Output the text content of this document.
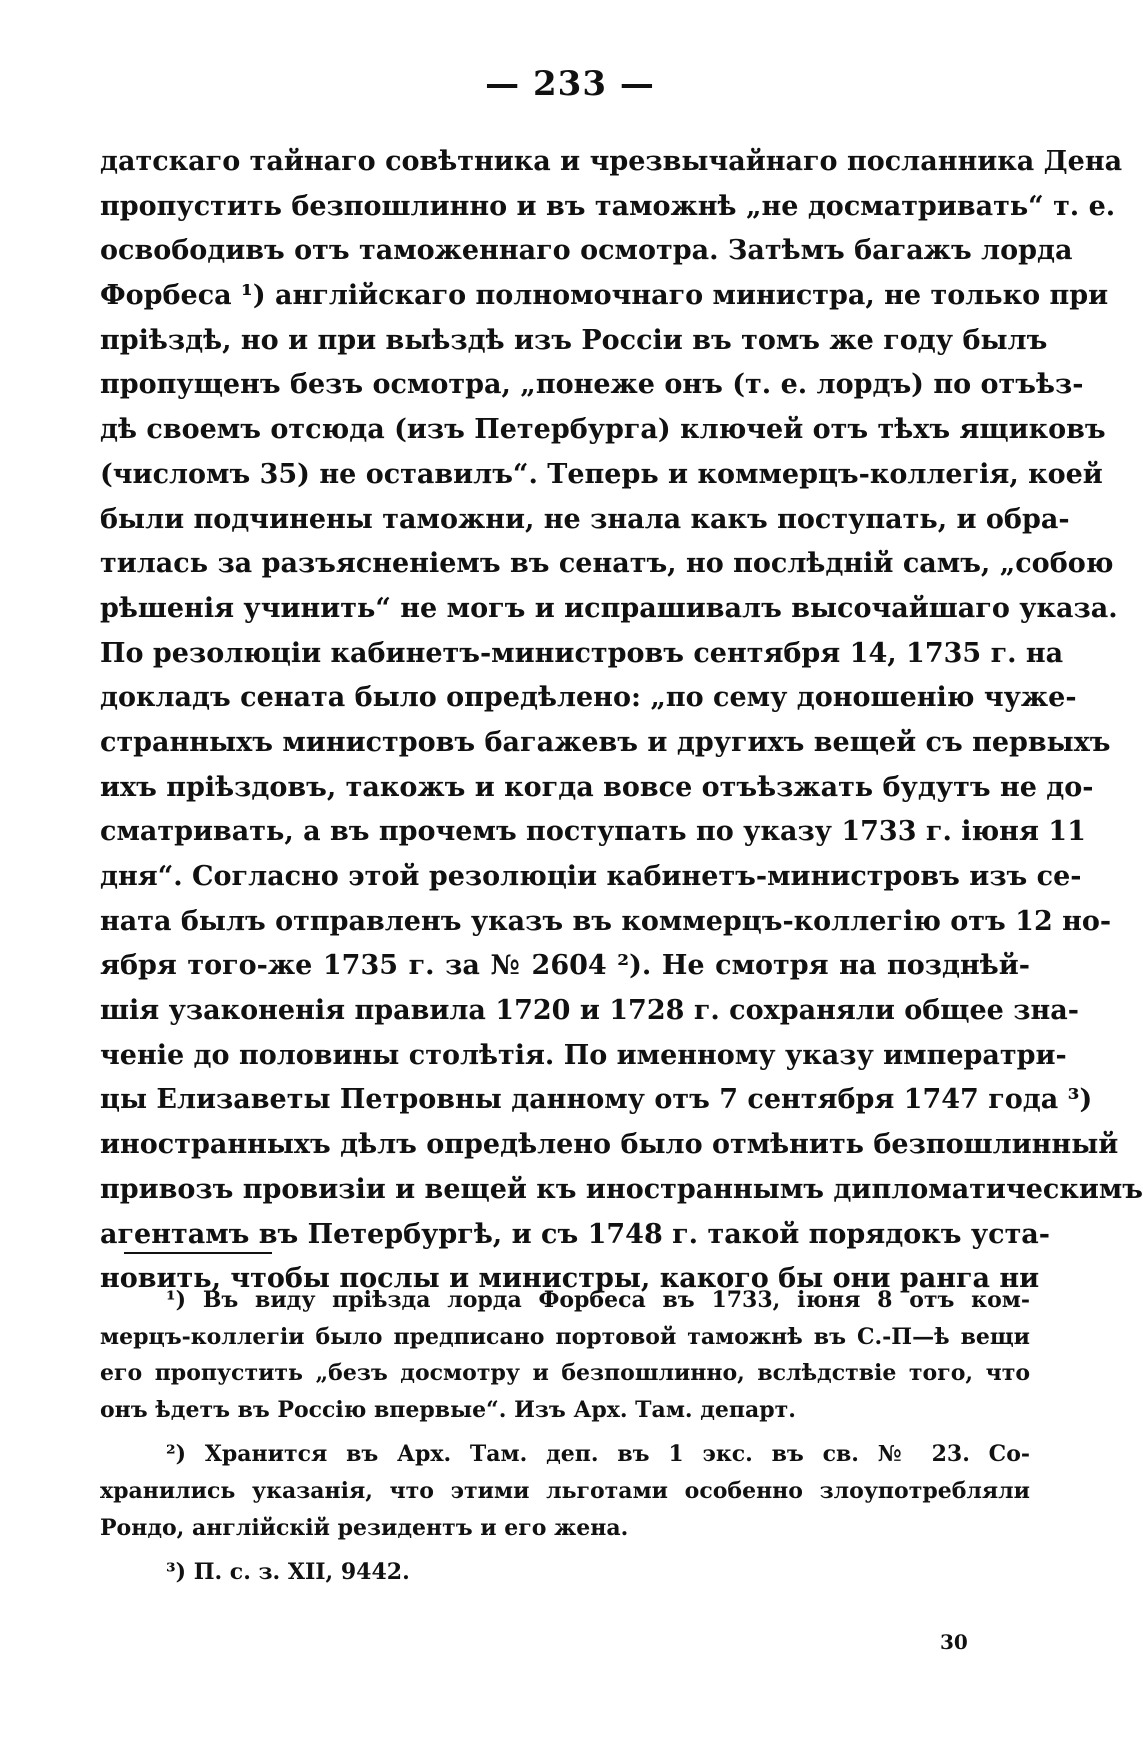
— 233 —
датскаго тайнаго совѣтника и чрезвычайнаго посланника Дена
пропустить безпошлинно и въ таможнѣ „не досматривать“ т. е.
освободивъ отъ таможеннаго осмотра. Затѣмъ багажъ лорда
Форбеса ¹) англійскаго полномочнаго министра, не только при
пріѣздѣ, но и при выѣздѣ изъ Россіи въ томъ же году былъ
пропущенъ безъ осмотра, „понеже онъ (т. е. лордъ) по отъѣз-
дѣ своемъ отсюда (изъ Петербурга) ключей отъ тѣхъ ящиковъ
(числомъ 35) не оставилъ“. Теперь и коммерцъ-коллегія, коей
были подчинены таможни, не знала какъ поступать, и обра-
тилась за разъясненіемъ въ сенатъ, но послѣдній самъ, „собою
рѣшенія учинить“ не могъ и испрашивалъ высочайшаго указа.
По резолюціи кабинетъ-министровъ сентября 14, 1735 г. на
докладъ сената было опредѣлено: „по сему доношенію чуже-
странныхъ министровъ багажевъ и другихъ вещей съ первыхъ
ихъ пріѣздовъ, такожъ и когда вовсе отъѣзжать будутъ не до-
сматривать, а въ прочемъ поступать по указу 1733 г. іюня 11
дня“. Согласно этой резолюціи кабинетъ-министровъ изъ се-
ната былъ отправленъ указъ въ коммерцъ-коллегію отъ 12 но-
ября того-же 1735 г. за № 2604 ²). Не смотря на позднѣй-
шія узаконенія правила 1720 и 1728 г. сохраняли общее зна-
ченіе до половины столѣтія. По именному указу императри-
цы Елизаветы Петровны данному отъ 7 сентября 1747 года ³)
иностранныхъ дѣлъ опредѣлено было отмѣнить безпошлинный
привозъ провизіи и вещей къ иностраннымъ дипломатическимъ
агентамъ въ Петербургѣ, и съ 1748 г. такой порядокъ уста-
новить, чтобы послы и министры, какого бы они ранга ни
¹) Въ виду пріѣзда лорда Форбеса въ 1733, іюня 8 отъ ком-
мерцъ-коллегіи было предписано портовой таможнѣ въ С.-П—ѣ вещи
его пропустить „безъ досмотру и безпошлинно, вслѣдствіе того, что
онъ ѣдетъ въ Россію впервые“. Изъ Арх. Там. департ.
²) Хранится въ Арх. Там. деп. въ 1 экс. въ св. № 23. Со-
хранились указанія, что этими льготами особенно злоупотребляли
Рондо, англійскій резидентъ и его жена.
³) П. с. з. XII, 9442.
30
